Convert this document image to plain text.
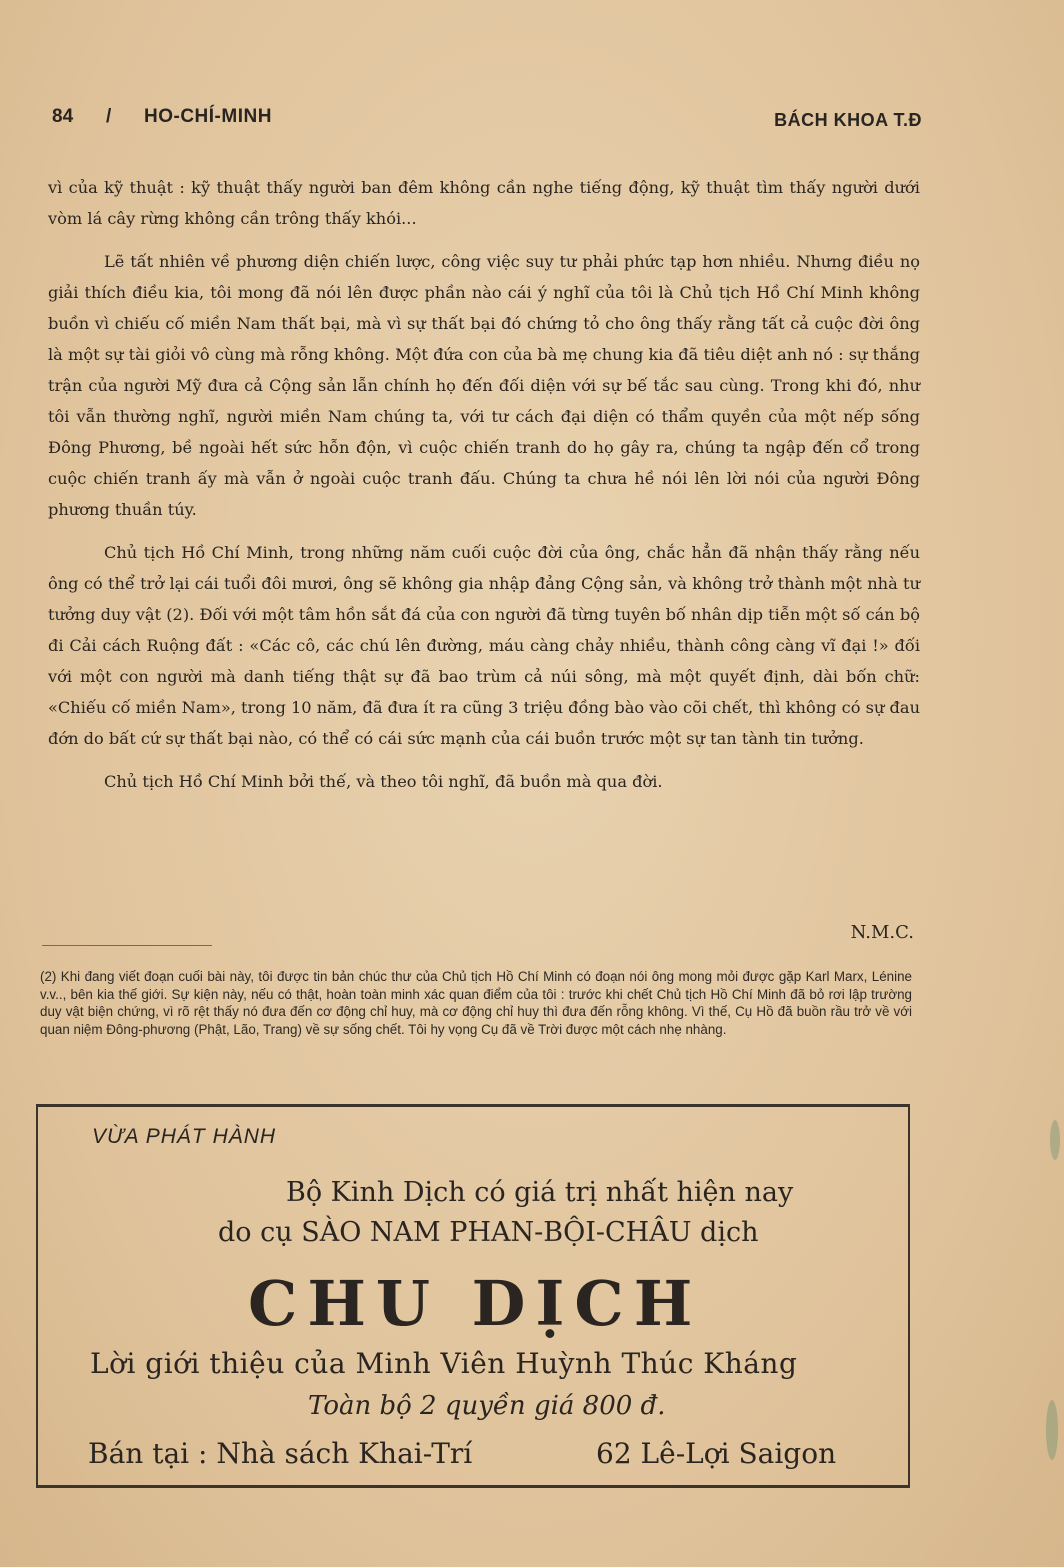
84 / HO-CHÍ-MINH	BÁCH KHOA T.Đ

vì của kỹ thuật : kỹ thuật thấy người ban đêm không cần nghe tiếng động, kỹ thuật tìm thấy người dưới vòm lá cây rừng không cần trông thấy khói...

Lẽ tất nhiên về phương diện chiến lược, công việc suy tư phải phức tạp hơn nhiều. Nhưng điều nọ giải thích điều kia, tôi mong đã nói lên được phần nào cái ý nghĩ của tôi là Chủ tịch Hồ Chí Minh không buồn vì chiếu cố miền Nam thất bại, mà vì sự thất bại đó chứng tỏ cho ông thấy rằng tất cả cuộc đời ông là một sự tài giỏi vô cùng mà rỗng không. Một đứa con của bà mẹ chung kia đã tiêu diệt anh nó : sự thắng trận của người Mỹ đưa cả Cộng sản lẫn chính họ đến đối diện với sự bế tắc sau cùng. Trong khi đó, như tôi vẫn thường nghĩ, người miền Nam chúng ta, với tư cách đại diện có thẩm quyền của một nếp sống Đông Phương, bề ngoài hết sức hỗn độn, vì cuộc chiến tranh do họ gây ra, chúng ta ngập đến cổ trong cuộc chiến tranh ấy mà vẫn ở ngoài cuộc tranh đấu. Chúng ta chưa hề nói lên lời nói của người Đông phương thuần túy.

Chủ tịch Hồ Chí Minh, trong những năm cuối cuộc đời của ông, chắc hẳn đã nhận thấy rằng nếu ông có thể trở lại cái tuổi đôi mươi, ông sẽ không gia nhập đảng Cộng sản, và không trở thành một nhà tư tưởng duy vật (2). Đối với một tâm hồn sắt đá của con người đã từng tuyên bố nhân dịp tiễn một số cán bộ đi Cải cách Ruộng đất : «Các cô, các chú lên đường, máu càng chảy nhiều, thành công càng vĩ đại !» đối với một con người mà danh tiếng thật sự đã bao trùm cả núi sông, mà một quyết định, dài bốn chữ: «Chiếu cố miền Nam», trong 10 năm, đã đưa ít ra cũng 3 triệu đồng bào vào cõi chết, thì không có sự đau đớn do bất cứ sự thất bại nào, có thể có cái sức mạnh của cái buồn trước một sự tan tành tin tưởng.

Chủ tịch Hồ Chí Minh bởi thế, và theo tôi nghĩ, đã buồn mà qua đời.

N.M.C.
(2) Khi đang viết đoạn cuối bài này, tôi được tin bản chúc thư của Chủ tịch Hồ Chí Minh có đoạn nói ông mong mỏi được gặp Karl Marx, Lénine v.v.., bên kia thế giới. Sự kiện này, nếu có thật, hoàn toàn minh xác quan điểm của tôi : trước khi chết Chủ tịch Hồ Chí Minh đã bỏ rơi lập trường duy vật biện chứng, vì rõ rệt thấy nó đưa đến cơ động chỉ huy, mà cơ động chỉ huy thì đưa đến rỗng không. Vì thế, Cụ Hồ đã buồn rầu trở về với quan niệm Đông-phương (Phật, Lão, Trang) về sự sống chết. Tôi hy vọng Cụ đã về Trời được một cách nhẹ nhàng.
VỪA PHÁT HÀNH
Bộ Kinh Dịch có giá trị nhất hiện nay
do cụ SÀO NAM PHAN-BỘI-CHÂU dịch
CHU DỊCH
Lời giới thiệu của Minh Viên Huỳnh Thúc Kháng
Toàn bộ 2 quyền giá 800 đ.
Bán tại : Nhà sách Khai-Trí	62 Lê-Lợi Saigon
